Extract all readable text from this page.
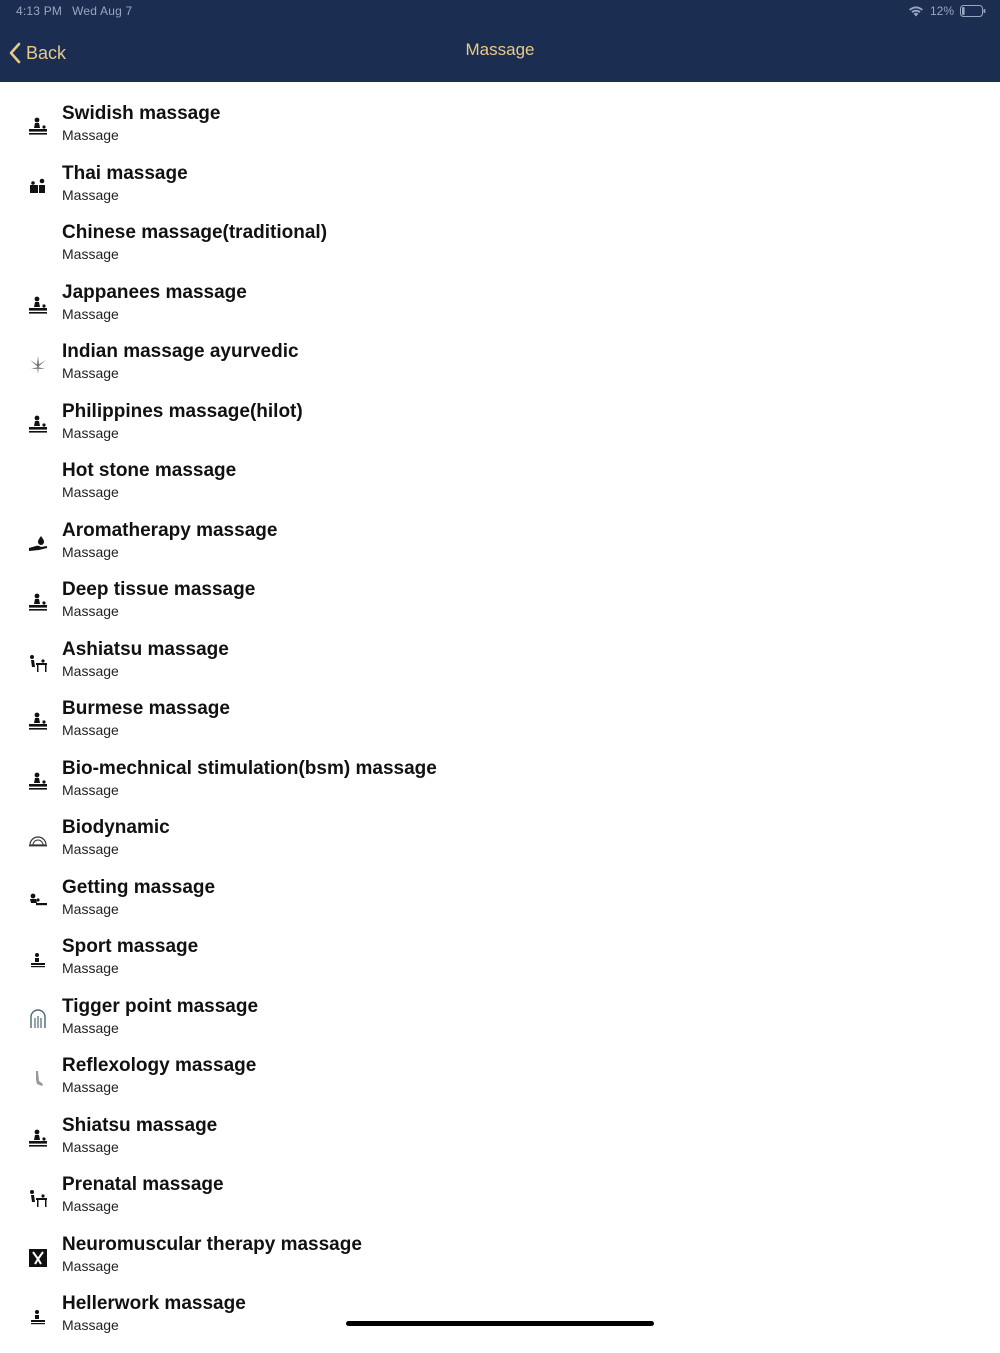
4:13 PM Wed Aug 7	12%
Back	Massage
Swidish massage
Massage
Thai massage
Massage
Chinese massage(traditional)
Massage
Jappanees massage
Massage
Indian massage ayurvedic
Massage
Philippines massage(hilot)
Massage
Hot stone massage
Massage
Aromatherapy massage
Massage
Deep tissue massage
Massage
Ashiatsu massage
Massage
Burmese massage
Massage
Bio-mechnical stimulation(bsm) massage
Massage
Biodynamic
Massage
Getting massage
Massage
Sport massage
Massage
Tigger point massage
Massage
Reflexology massage
Massage
Shiatsu massage
Massage
Prenatal massage
Massage
Neuromuscular therapy massage
Massage
Hellerwork massage
Massage
